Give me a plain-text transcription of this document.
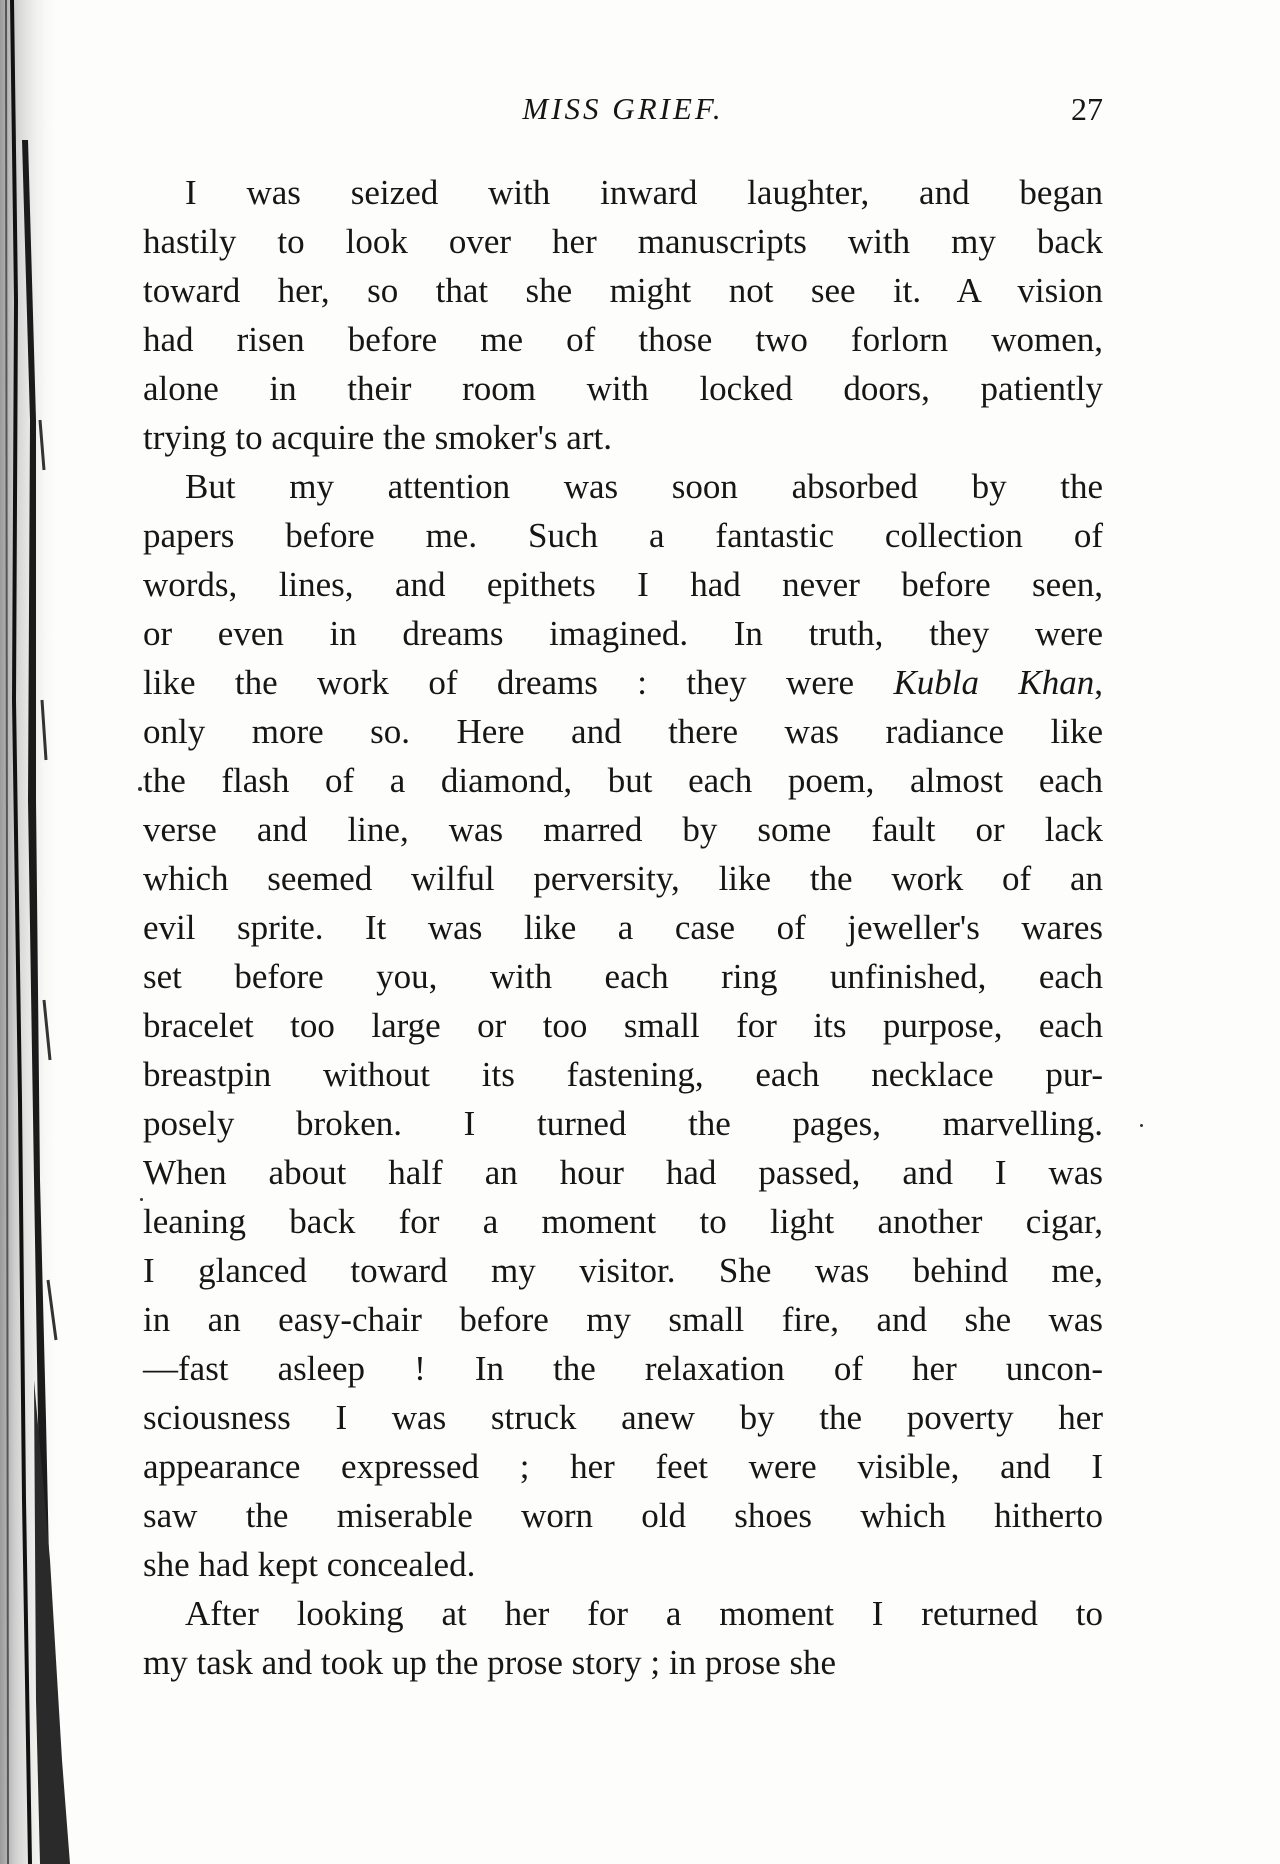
MISS GRIEF.	27
I was seized with inward laughter, and began
hastily to look over her manuscripts with my back
toward her, so that she might not see it. A vision
had risen before me of those two forlorn women,
alone in their room with locked doors, patiently
trying to acquire the smoker's art.
But my attention was soon absorbed by the
papers before me. Such a fantastic collection of
words, lines, and epithets I had never before seen,
or even in dreams imagined. In truth, they were
like the work of dreams : they were Kubla Khan,
only more so. Here and there was radiance like
the flash of a diamond, but each poem, almost each
verse and line, was marred by some fault or lack
which seemed wilful perversity, like the work of an
evil sprite. It was like a case of jeweller's wares
set before you, with each ring unfinished, each
bracelet too large or too small for its purpose, each
breastpin without its fastening, each necklace pur-
posely broken. I turned the pages, marvelling.
When about half an hour had passed, and I was
leaning back for a moment to light another cigar,
I glanced toward my visitor. She was behind me,
in an easy-chair before my small fire, and she was
—fast asleep ! In the relaxation of her uncon-
sciousness I was struck anew by the poverty her
appearance expressed ; her feet were visible, and I
saw the miserable worn old shoes which hitherto
she had kept concealed.
After looking at her for a moment I returned to
my task and took up the prose story ; in prose she
